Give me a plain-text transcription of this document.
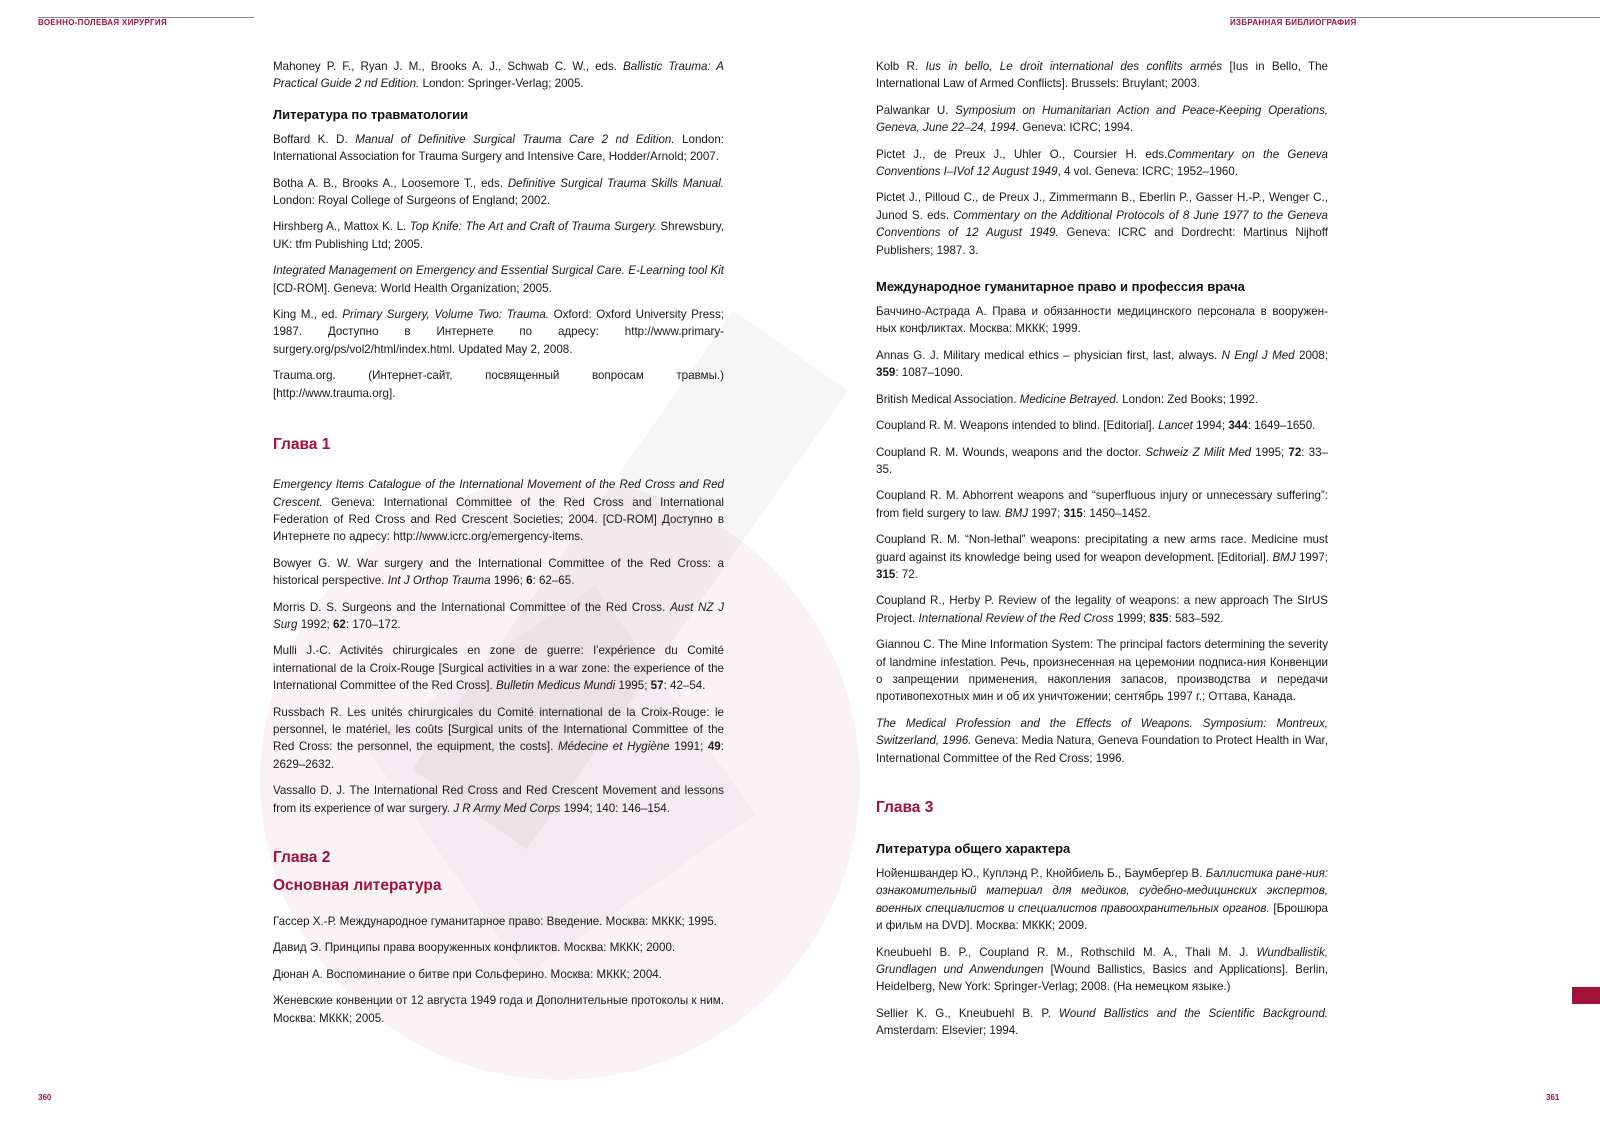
ВОЕННО-ПОЛЕВАЯ ХИРУРГИЯ	ИЗБРАННАЯ БИБЛИОГРАФИЯ

Mahoney P. F., Ryan J. M., Brooks A. J., Schwab C. W., eds. Ballistic Trauma: A Practical Guide 2 nd Edition. London: Springer-Verlag; 2005.

Литература по травматологии

Boffard K. D. Manual of Definitive Surgical Trauma Care 2 nd Edition. London: International Association for Trauma Surgery and Intensive Care, Hodder/Arnold; 2007.

Botha A. B., Brooks A., Loosemore T., eds. Definitive Surgical Trauma Skills Manual. London: Royal College of Surgeons of England; 2002.

Hirshberg A., Mattox K. L. Top Knife: The Art and Craft of Trauma Surgery. Shrewsbury, UK: tfm Publishing Ltd; 2005.

Integrated Management on Emergency and Essential Surgical Care. E-Learning tool Kit [CD-ROM]. Geneva: World Health Organization; 2005.

King M., ed. Primary Surgery, Volume Two: Trauma. Oxford: Oxford University Press; 1987. Доступно в Интернете по адресу: http://www.primary-surgery.org/ps/vol2/html/index.html. Updated May 2, 2008.

Trauma.org. (Интернет-сайт, посвященный вопросам травмы.) [http://www.trauma.org].

Глава 1

Emergency Items Catalogue of the International Movement of the Red Cross and Red Crescent. Geneva: International Committee of the Red Cross and International Federation of Red Cross and Red Crescent Societies; 2004. [CD-ROM] Доступно в Интернете по адресу: http://www.icrc.org/emergency-items.

Bowyer G. W. War surgery and the International Committee of the Red Cross: a historical perspective. Int J Orthop Trauma 1996; 6: 62–65.

Morris D. S. Surgeons and the International Committee of the Red Cross. Aust NZ J Surg 1992; 62: 170–172.

Mulli J.-C. Activités chirurgicales en zone de guerre: l’expérience du Comité international de la Croix-Rouge [Surgical activities in a war zone: the experience of the International Committee of the Red Cross]. Bulletin Medicus Mundi 1995; 57: 42–54.

Russbach R. Les unités chirurgicales du Comité international de la Croix-Rouge: le personnel, le matériel, les coûts [Surgical units of the International Committee of the Red Cross: the personnel, the equipment, the costs]. Médecine et Hygiène 1991; 49: 2629–2632.

Vassallo D. J. The International Red Cross and Red Crescent Movement and lessons from its experience of war surgery. J R Army Med Corps 1994; 140: 146–154.

Глава 2
Основная литература

Гассер Х.-Р. Международное гуманитарное право: Введение. Москва: МККК; 1995.

Давид Э. Принципы права вооруженных конфликтов. Москва: МККК; 2000.

Дюнан А. Воспоминание о битве при Сольферино. Москва: МККК; 2004.

Женевские конвенции от 12 августа 1949 года и Дополнительные протоколы к ним. Москва: МККК; 2005.

Kolb R. Ius in bello, Le droit international des conflits armés [Ius in Bello, The International Law of Armed Conflicts]. Brussels: Bruylant; 2003.

Palwankar U. Symposium on Humanitarian Action and Peace-Keeping Operations, Geneva, June 22–24, 1994. Geneva: ICRC; 1994.

Pictet J., de Preux J., Uhler O., Coursier H. eds.Commentary on the Geneva Conventions I–IVof 12 August 1949, 4 vol. Geneva: ICRC; 1952–1960.

Pictet J., Pilloud C., de Preux J., Zimmermann B., Eberlin P., Gasser H.-P., Wenger C., Junod S. eds. Commentary on the Additional Protocols of 8 June 1977 to the Geneva Conventions of 12 August 1949. Geneva: ICRC and Dordrecht: Martinus Nijhoff Publishers; 1987. 3.

Международное гуманитарное право и профессия врача

Баччино-Астрада А. Права и обязанности медицинского персонала в вооружен-ных конфликтах. Москва: МККК; 1999.

Annas G. J. Military medical ethics – physician first, last, always. N Engl J Med 2008; 359: 1087–1090.

British Medical Association. Medicine Betrayed. London: Zed Books; 1992.

Coupland R. M. Weapons intended to blind. [Editorial]. Lancet 1994; 344: 1649–1650.

Coupland R. M. Wounds, weapons and the doctor. Schweiz Z Milit Med 1995; 72: 33–35.

Coupland R. M. Abhorrent weapons and “superfluous injury or unnecessary suffering”: from field surgery to law. BMJ 1997; 315: 1450–1452.

Coupland R. M. “Non-lethal” weapons: precipitating a new arms race. Medicine must guard against its knowledge being used for weapon development. [Editorial]. BMJ 1997; 315: 72.

Coupland R., Herby P. Review of the legality of weapons: a new approach The SIrUS Project. International Review of the Red Cross 1999; 835: 583–592.

Giannou C. The Mine Information System: The principal factors determining the severity of landmine infestation. Речь, произнесенная на церемонии подписа-ния Конвенции о запрещении применения, накопления запасов, производства и передачи противопехотных мин и об их уничтожении; сентябрь 1997 г.; Оттава, Канада.

The Medical Profession and the Effects of Weapons. Symposium: Montreux, Switzerland, 1996. Geneva: Media Natura, Geneva Foundation to Protect Health in War, International Committee of the Red Cross; 1996.

Глава 3
Литература общего характера

Нойеншвандер Ю., Куплэнд Р., Кнойбиель Б., Баумбергер В. Баллистика ране-ния: ознакомительный материал для медиков, судебно-медицинских экспертов, военных специалистов и специалистов правоохранительных органов. [Брошюра и фильм на DVD]. Москва: МККК; 2009.

Kneubuehl B. P., Coupland R. M., Rothschild M. A., Thali M. J. Wundballistik, Grundlagen und Anwendungen [Wound Ballistics, Basics and Applications]. Berlin, Heidelberg, New York: Springer-Verlag; 2008. (На немецком языке.)

Sellier K. G., Kneubuehl B. P. Wound Ballistics and the Scientific Background. Amsterdam: Elsevier; 1994.

360	361
